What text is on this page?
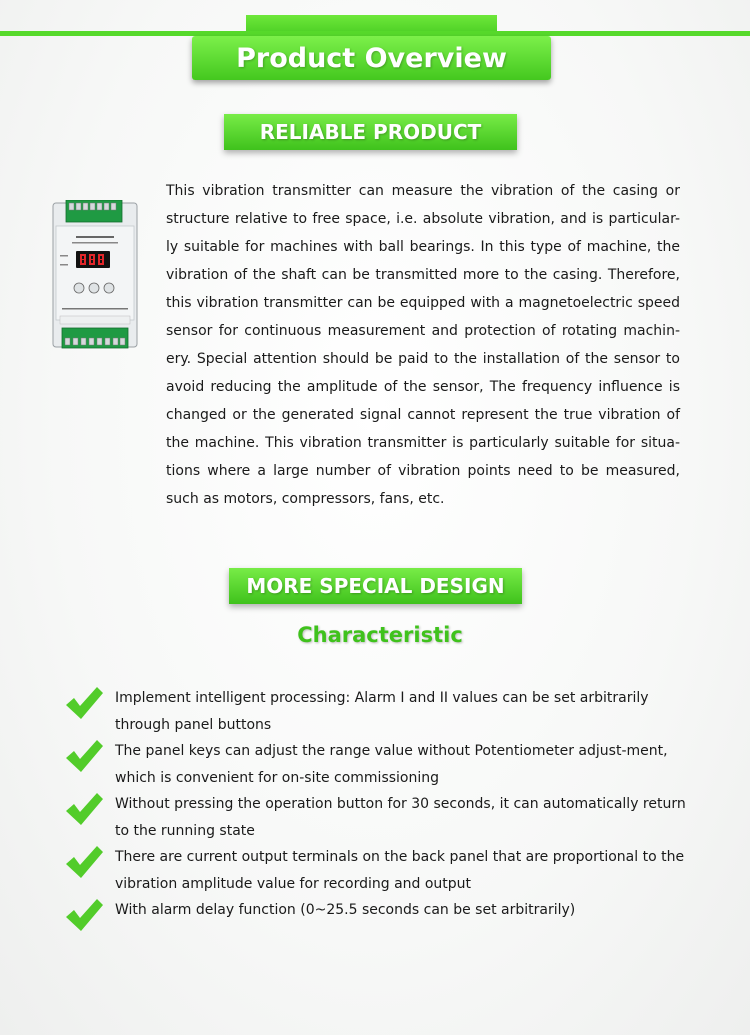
Product Overview
RELIABLE PRODUCT

This vibration transmitter can measure the vibration of the casing or structure relative to free space, i.e. absolute vibration, and is particular-ly suitable for machines with ball bearings. In this type of machine, the vibration of the shaft can be transmitted more to the casing. Therefore, this vibration transmitter can be equipped with a magnetoelectric speed sensor for continuous measurement and protection of rotating machin-ery. Special attention should be paid to the installation of the sensor to avoid reducing the amplitude of the sensor, The frequency influence is changed or the generated signal cannot represent the true vibration of the machine. This vibration transmitter is particularly suitable for situa-tions where a large number of vibration points need to be measured, such as motors, compressors, fans, etc.

MORE SPECIAL DESIGN
Characteristic
Implement intelligent processing: Alarm I and II values can be set arbitrarily through panel buttons
The panel keys can adjust the range value without Potentiometer adjust-ment, which is convenient for on-site commissioning
Without pressing the operation button for 30 seconds, it can automatically return to the running state
There are current output terminals on the back panel that are proportional to the vibration amplitude value for recording and output
With alarm delay function (0~25.5 seconds can be set arbitrarily)
